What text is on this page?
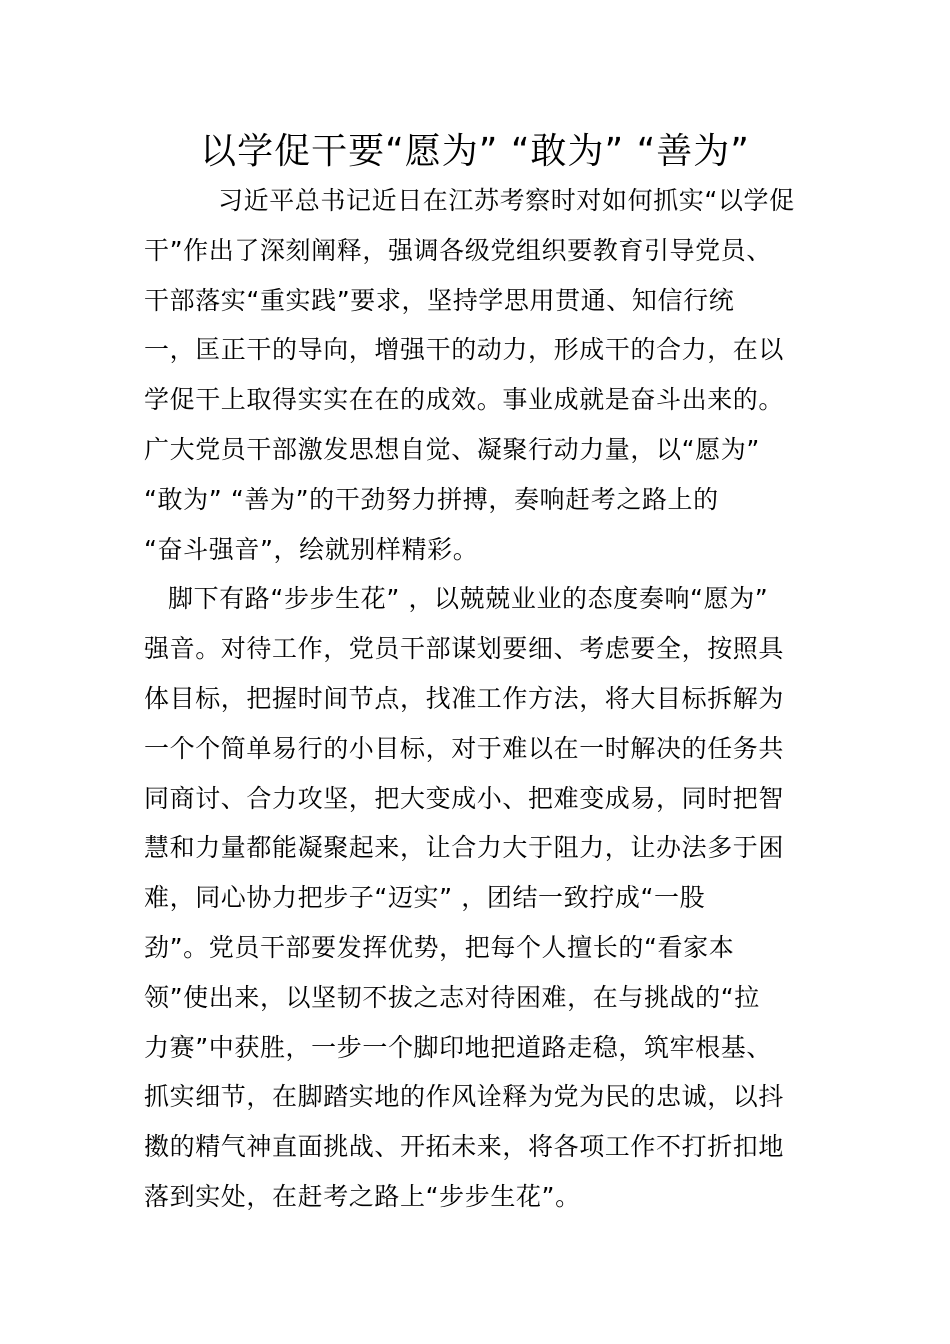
以学促干要“愿为” “敢为” “善为”
习近平总书记近日在江苏考察时对如何抓实“以学促
干”作出了深刻阐释，强调各级党组织要教育引导党员、
干部落实“重实践”要求，坚持学思用贯通、知信行统
一，匡正干的导向，增强干的动力，形成干的合力，在以
学促干上取得实实在在的成效。事业成就是奋斗出来的。
广大党员干部激发思想自觉、凝聚行动力量，以“愿为”
“敢为” “善为”的干劲努力拼搏，奏响赶考之路上的
“奋斗强音”，绘就别样精彩。
脚下有路“步步生花” ，以兢兢业业的态度奏响“愿为”
强音。对待工作，党员干部谋划要细、考虑要全，按照具
体目标，把握时间节点，找准工作方法，将大目标拆解为
一个个简单易行的小目标，对于难以在一时解决的任务共
同商讨、合力攻坚，把大变成小、把难变成易，同时把智
慧和力量都能凝聚起来，让合力大于阻力，让办法多于困
难，同心协力把步子“迈实” ，团结一致拧成“一股
劲”。党员干部要发挥优势，把每个人擅长的“看家本
领”使出来，以坚韧不拔之志对待困难，在与挑战的“拉
力赛”中获胜，一步一个脚印地把道路走稳，筑牢根基、
抓实细节，在脚踏实地的作风诠释为党为民的忠诚，以抖
擞的精气神直面挑战、开拓未来，将各项工作不打折扣地
落到实处，在赶考之路上“步步生花”。
